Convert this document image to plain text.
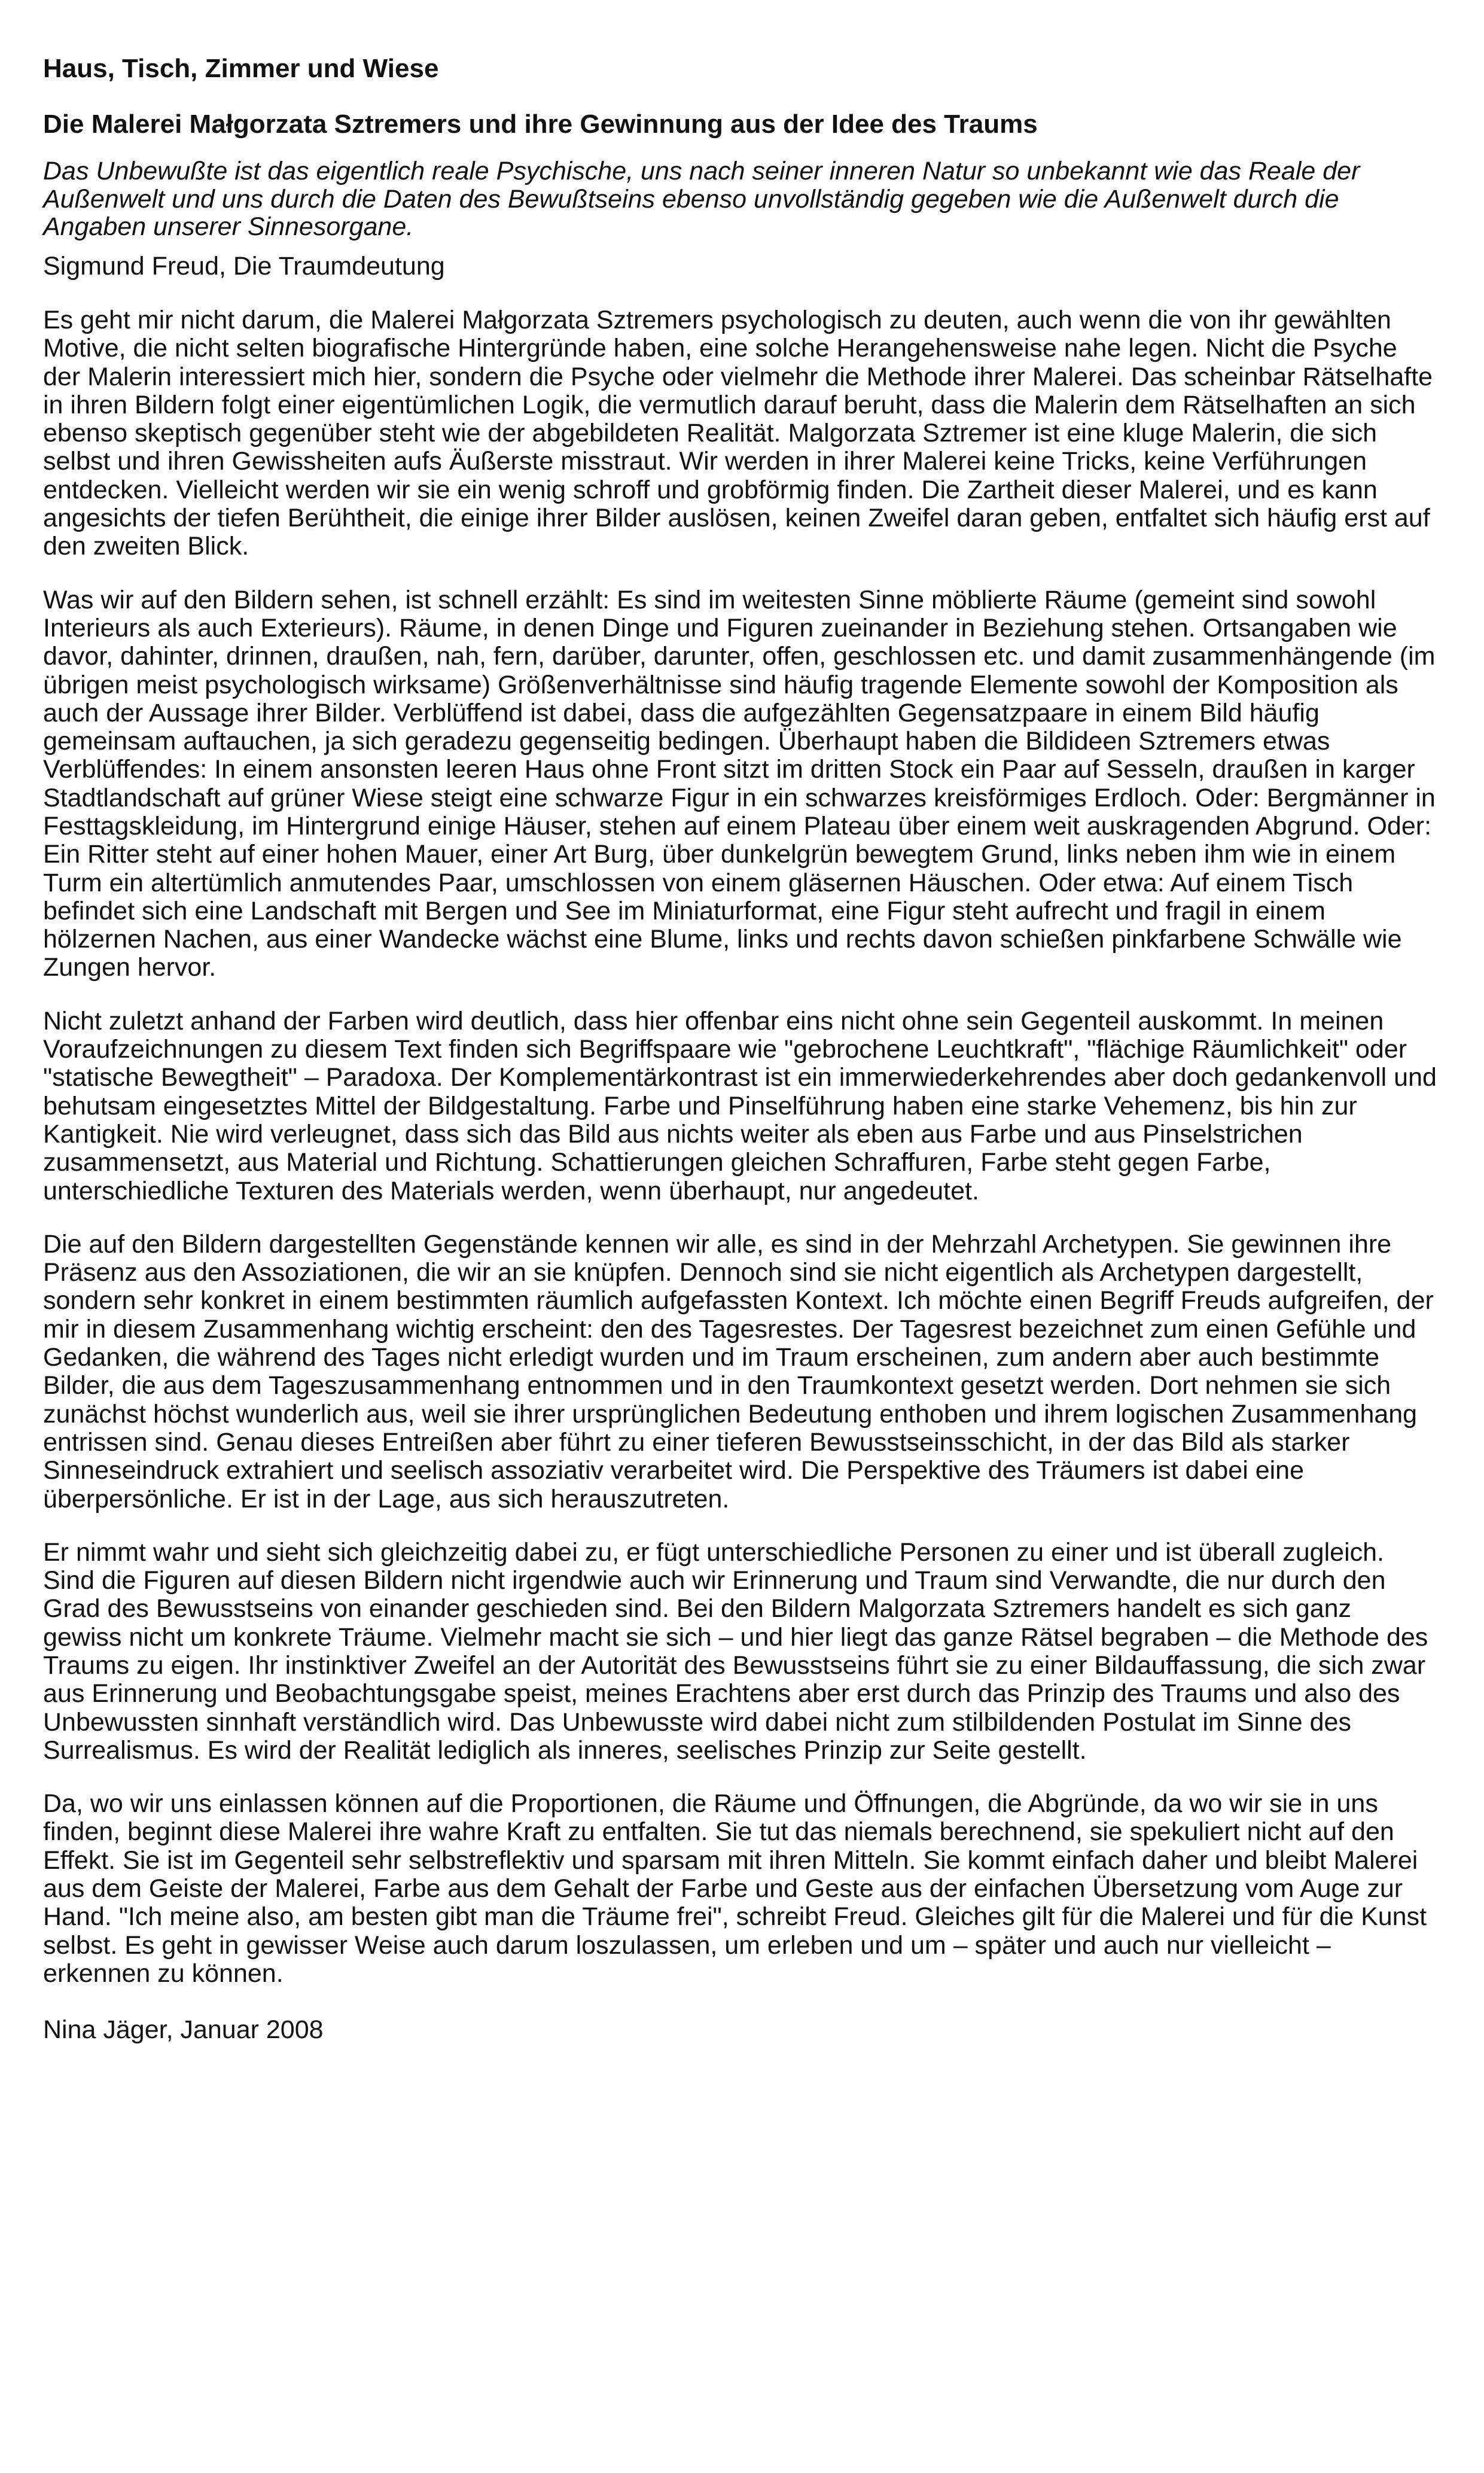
Haus, Tisch, Zimmer und Wiese
Die Malerei Małgorzata Sztremers und ihre Gewinnung aus der Idee des Traums
Das Unbewußte ist das eigentlich reale Psychische, uns nach seiner inneren Natur so unbekannt wie das Reale der Außenwelt und uns durch die Daten des Bewußtseins ebenso unvollständig gegeben wie die Außenwelt durch die Angaben unserer Sinnesorgane.
Sigmund Freud, Die Traumdeutung

Es geht mir nicht darum, die Malerei Małgorzata Sztremers psychologisch zu deuten, auch wenn die von ihr gewählten Motive, die nicht selten biografische Hintergründe haben, eine solche Herangehensweise nahe legen. Nicht die Psyche der Malerin interessiert mich hier, sondern die Psyche oder vielmehr die Methode ihrer Malerei. Das scheinbar Rätselhafte in ihren Bildern folgt einer eigentümlichen Logik, die vermutlich darauf beruht, dass die Malerin dem Rätselhaften an sich ebenso skeptisch gegenüber steht wie der abgebildeten Realität. Malgorzata Sztremer ist eine kluge Malerin, die sich selbst und ihren Gewissheiten aufs Äußerste misstraut. Wir werden in ihrer Malerei keine Tricks, keine Verführungen entdecken. Vielleicht werden wir sie ein wenig schroff und grobförmig finden. Die Zartheit dieser Malerei, und es kann angesichts der tiefen Berühtheit, die einige ihrer Bilder auslösen, keinen Zweifel daran geben, entfaltet sich häufig erst auf den zweiten Blick.

Was wir auf den Bildern sehen, ist schnell erzählt: Es sind im weitesten Sinne möblierte Räume (gemeint sind sowohl Interieurs als auch Exterieurs). Räume, in denen Dinge und Figuren zueinander in Beziehung stehen. Ortsangaben wie davor, dahinter, drinnen, draußen, nah, fern, darüber, darunter, offen, geschlossen etc. und damit zusammenhängende (im übrigen meist psychologisch wirksame) Größenverhältnisse sind häufig tragende Elemente sowohl der Komposition als auch der Aussage ihrer Bilder. Verblüffend ist dabei, dass die aufgezählten Gegensatzpaare in einem Bild häufig gemeinsam auftauchen, ja sich geradezu gegenseitig bedingen. Überhaupt haben die Bildideen Sztremers etwas Verblüffendes: In einem ansonsten leeren Haus ohne Front sitzt im dritten Stock ein Paar auf Sesseln, draußen in karger Stadtlandschaft auf grüner Wiese steigt eine schwarze Figur in ein schwarzes kreisförmiges Erdloch. Oder: Bergmänner in Festtagskleidung, im Hintergrund einige Häuser, stehen auf einem Plateau über einem weit auskragenden Abgrund. Oder: Ein Ritter steht auf einer hohen Mauer, einer Art Burg, über dunkelgrün bewegtem Grund, links neben ihm wie in einem Turm ein altertümlich anmutendes Paar, umschlossen von einem gläsernen Häuschen. Oder etwa: Auf einem Tisch befindet sich eine Landschaft mit Bergen und See im Miniaturformat, eine Figur steht aufrecht und fragil in einem hölzernen Nachen, aus einer Wandecke wächst eine Blume, links und rechts davon schießen pinkfarbene Schwälle wie Zungen hervor.

Nicht zuletzt anhand der Farben wird deutlich, dass hier offenbar eins nicht ohne sein Gegenteil auskommt. In meinen Voraufzeichnungen zu diesem Text finden sich Begriffspaare wie "gebrochene Leuchtkraft", "flächige Räumlichkeit" oder "statische Bewegtheit" – Paradoxa. Der Komplementärkontrast ist ein immerwiederkehrendes aber doch gedankenvoll und behutsam eingesetztes Mittel der Bildgestaltung. Farbe und Pinselführung haben eine starke Vehemenz, bis hin zur Kantigkeit. Nie wird verleugnet, dass sich das Bild aus nichts weiter als eben aus Farbe und aus Pinselstrichen zusammensetzt, aus Material und Richtung. Schattierungen gleichen Schraffuren, Farbe steht gegen Farbe, unterschiedliche Texturen des Materials werden, wenn überhaupt, nur angedeutet.

Die auf den Bildern dargestellten Gegenstände kennen wir alle, es sind in der Mehrzahl Archetypen. Sie gewinnen ihre Präsenz aus den Assoziationen, die wir an sie knüpfen. Dennoch sind sie nicht eigentlich als Archetypen dargestellt, sondern sehr konkret in einem bestimmten räumlich aufgefassten Kontext. Ich möchte einen Begriff Freuds aufgreifen, der mir in diesem Zusammenhang wichtig erscheint: den des Tagesrestes. Der Tagesrest bezeichnet zum einen Gefühle und Gedanken, die während des Tages nicht erledigt wurden und im Traum erscheinen, zum andern aber auch bestimmte Bilder, die aus dem Tageszusammenhang entnommen und in den Traumkontext gesetzt werden. Dort nehmen sie sich zunächst höchst wunderlich aus, weil sie ihrer ursprünglichen Bedeutung enthoben und ihrem logischen Zusammenhang entrissen sind. Genau dieses Entreißen aber führt zu einer tieferen Bewusstseinsschicht, in der das Bild als starker Sinneseindruck extrahiert und seelisch assoziativ verarbeitet wird. Die Perspektive des Träumers ist dabei eine überpersönliche. Er ist in der Lage, aus sich herauszutreten.

Er nimmt wahr und sieht sich gleichzeitig dabei zu, er fügt unterschiedliche Personen zu einer und ist überall zugleich. Sind die Figuren auf diesen Bildern nicht irgendwie auch wir Erinnerung und Traum sind Verwandte, die nur durch den Grad des Bewusstseins von einander geschieden sind. Bei den Bildern Malgorzata Sztremers handelt es sich ganz gewiss nicht um konkrete Träume. Vielmehr macht sie sich – und hier liegt das ganze Rätsel begraben – die Methode des Traums zu eigen. Ihr instinktiver Zweifel an der Autorität des Bewusstseins führt sie zu einer Bildauffassung, die sich zwar aus Erinnerung und Beobachtungsgabe speist, meines Erachtens aber erst durch das Prinzip des Traums und also des Unbewussten sinnhaft verständlich wird. Das Unbewusste wird dabei nicht zum stilbildenden Postulat im Sinne des Surrealismus. Es wird der Realität lediglich als inneres, seelisches Prinzip zur Seite gestellt.

Da, wo wir uns einlassen können auf die Proportionen, die Räume und Öffnungen, die Abgründe, da wo wir sie in uns finden, beginnt diese Malerei ihre wahre Kraft zu entfalten. Sie tut das niemals berechnend, sie spekuliert nicht auf den Effekt. Sie ist im Gegenteil sehr selbstreflektiv und sparsam mit ihren Mitteln. Sie kommt einfach daher und bleibt Malerei aus dem Geiste der Malerei, Farbe aus dem Gehalt der Farbe und Geste aus der einfachen Übersetzung vom Auge zur Hand. "Ich meine also, am besten gibt man die Träume frei", schreibt Freud. Gleiches gilt für die Malerei und für die Kunst selbst. Es geht in gewisser Weise auch darum loszulassen, um erleben und um – später und auch nur vielleicht – erkennen zu können.

Nina Jäger, Januar 2008
